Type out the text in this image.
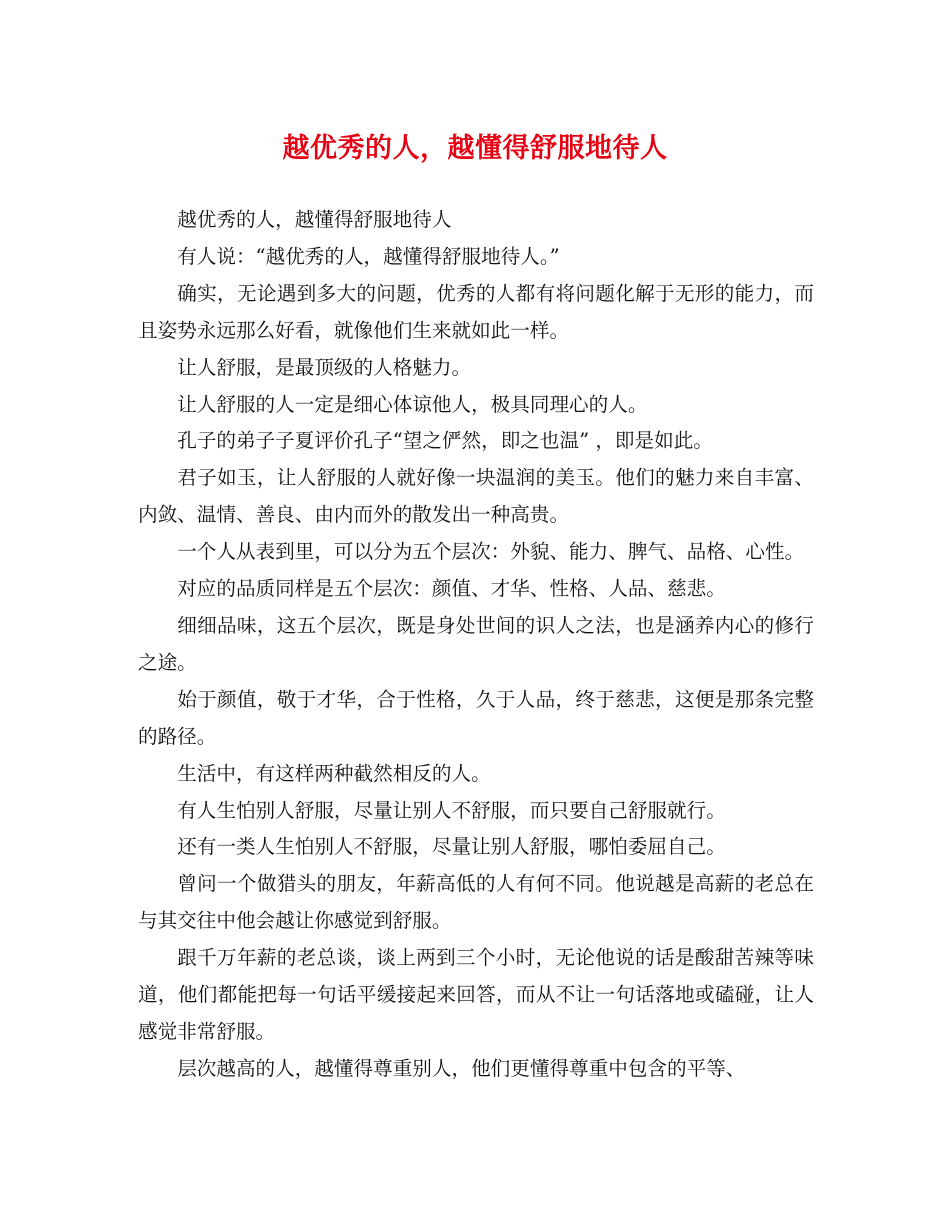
越优秀的人，越懂得舒服地待人

越优秀的人，越懂得舒服地待人

有人说：“越优秀的人，越懂得舒服地待人。”

确实，无论遇到多大的问题，优秀的人都有将问题化解于无形的能力，而且姿势永远那么好看，就像他们生来就如此一样。

让人舒服，是最顶级的人格魅力。

让人舒服的人一定是细心体谅他人，极具同理心的人。

孔子的弟子子夏评价孔子“望之俨然，即之也温” ，即是如此。

君子如玉，让人舒服的人就好像一块温润的美玉。他们的魅力来自丰富、内敛、温情、善良、由内而外的散发出一种高贵。

一个人从表到里，可以分为五个层次：外貌、能力、脾气、品格、心性。

对应的品质同样是五个层次：颜值、才华、性格、人品、慈悲。

细细品味，这五个层次，既是身处世间的识人之法，也是涵养内心的修行之途。

始于颜值，敬于才华，合于性格，久于人品，终于慈悲，这便是那条完整的路径。

生活中，有这样两种截然相反的人。

有人生怕别人舒服，尽量让别人不舒服，而只要自己舒服就行。

还有一类人生怕别人不舒服，尽量让别人舒服，哪怕委屈自己。

曾问一个做猎头的朋友，年薪高低的人有何不同。他说越是高薪的老总在与其交往中他会越让你感觉到舒服。

跟千万年薪的老总谈，谈上两到三个小时，无论他说的话是酸甜苦辣等味道，他们都能把每一句话平缓接起来回答，而从不让一句话落地或磕碰，让人感觉非常舒服。

层次越高的人，越懂得尊重别人，他们更懂得尊重中包含的平等、
